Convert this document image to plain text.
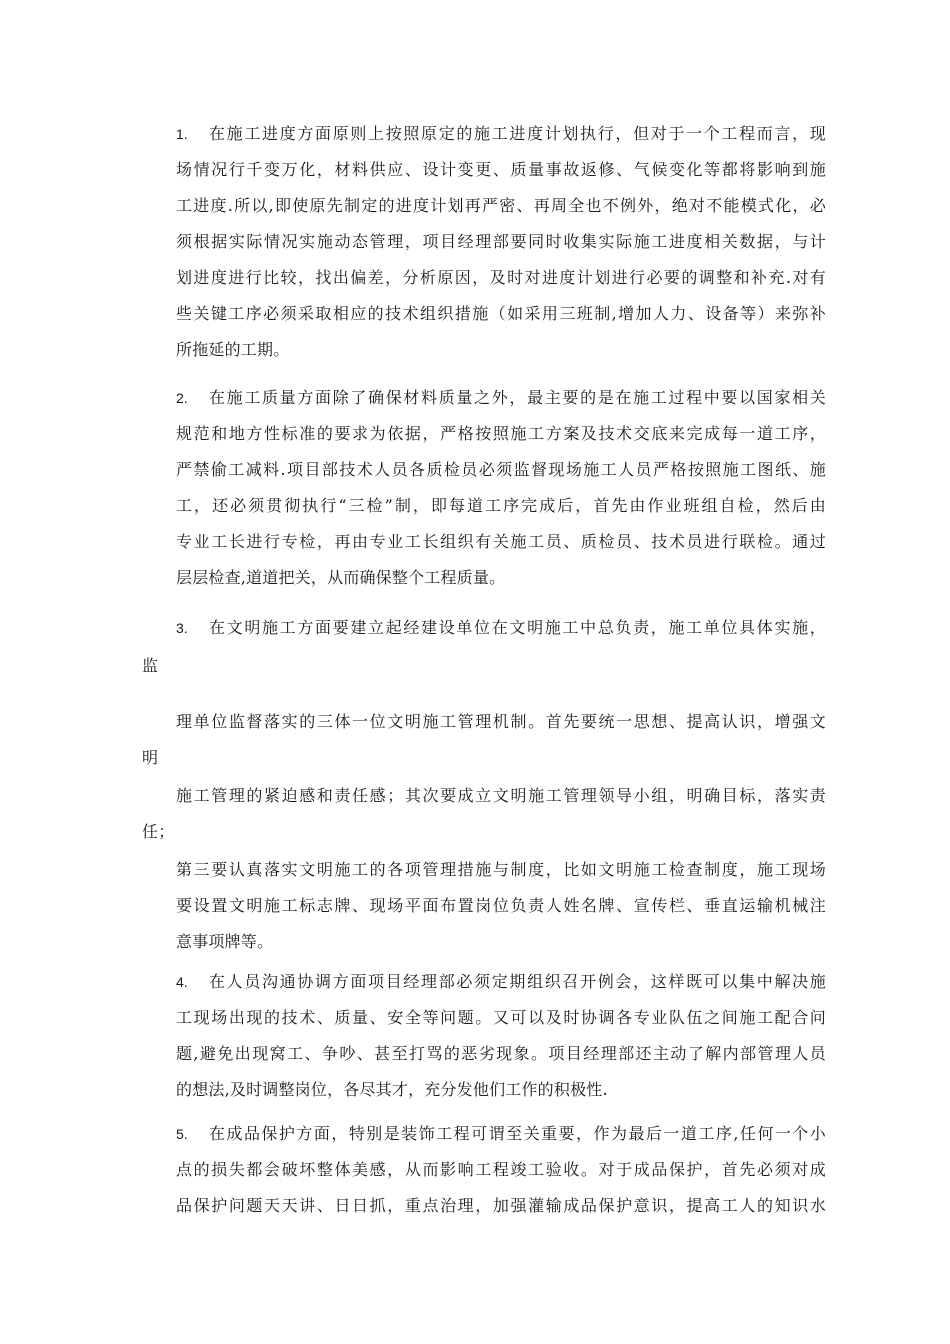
1.	在施工进度方面原则上按照原定的施工进度计划执行，但对于一个工程而言，现
场情况行千变万化，材料供应、设计变更、质量事故返修、气候变化等都将影响到施
工进度.所以,即使原先制定的进度计划再严密、再周全也不例外，绝对不能模式化，必
须根据实际情况实施动态管理，项目经理部要同时收集实际施工进度相关数据，与计
划进度进行比较，找出偏差，分析原因，及时对进度计划进行必要的调整和补充.对有
些关键工序必须采取相应的技术组织措施（如采用三班制,增加人力、设备等）来弥补
所拖延的工期。
2.	在施工质量方面除了确保材料质量之外，最主要的是在施工过程中要以国家相关
规范和地方性标准的要求为依据，严格按照施工方案及技术交底来完成每一道工序，
严禁偷工减料.项目部技术人员各质检员必须监督现场施工人员严格按照施工图纸、施
工，还必须贯彻执行“三检”制，即每道工序完成后，首先由作业班组自检，然后由
专业工长进行专检，再由专业工长组织有关施工员、质检员、技术员进行联检。通过
层层检查,道道把关，从而确保整个工程质量。
3.	在文明施工方面要建立起经建设单位在文明施工中总负责，施工单位具体实施，
监
理单位监督落实的三体一位文明施工管理机制。首先要统一思想、提高认识，增强文
明
施工管理的紧迫感和责任感；其次要成立文明施工管理领导小组，明确目标，落实责
任；
第三要认真落实文明施工的各项管理措施与制度，比如文明施工检查制度，施工现场
要设置文明施工标志牌、现场平面布置岗位负责人姓名牌、宣传栏、垂直运输机械注
意事项牌等。
4.	在人员沟通协调方面项目经理部必须定期组织召开例会，这样既可以集中解决施
工现场出现的技术、质量、安全等问题。又可以及时协调各专业队伍之间施工配合问
题,避免出现窝工、争吵、甚至打骂的恶劣现象。项目经理部还主动了解内部管理人员
的想法,及时调整岗位，各尽其才，充分发他们工作的积极性.
5.	在成品保护方面，特别是装饰工程可谓至关重要，作为最后一道工序,任何一个小
点的损失都会破坏整体美感，从而影响工程竣工验收。对于成品保护，首先必须对成
品保护问题天天讲、日日抓，重点治理，加强灌输成品保护意识，提高工人的知识水
